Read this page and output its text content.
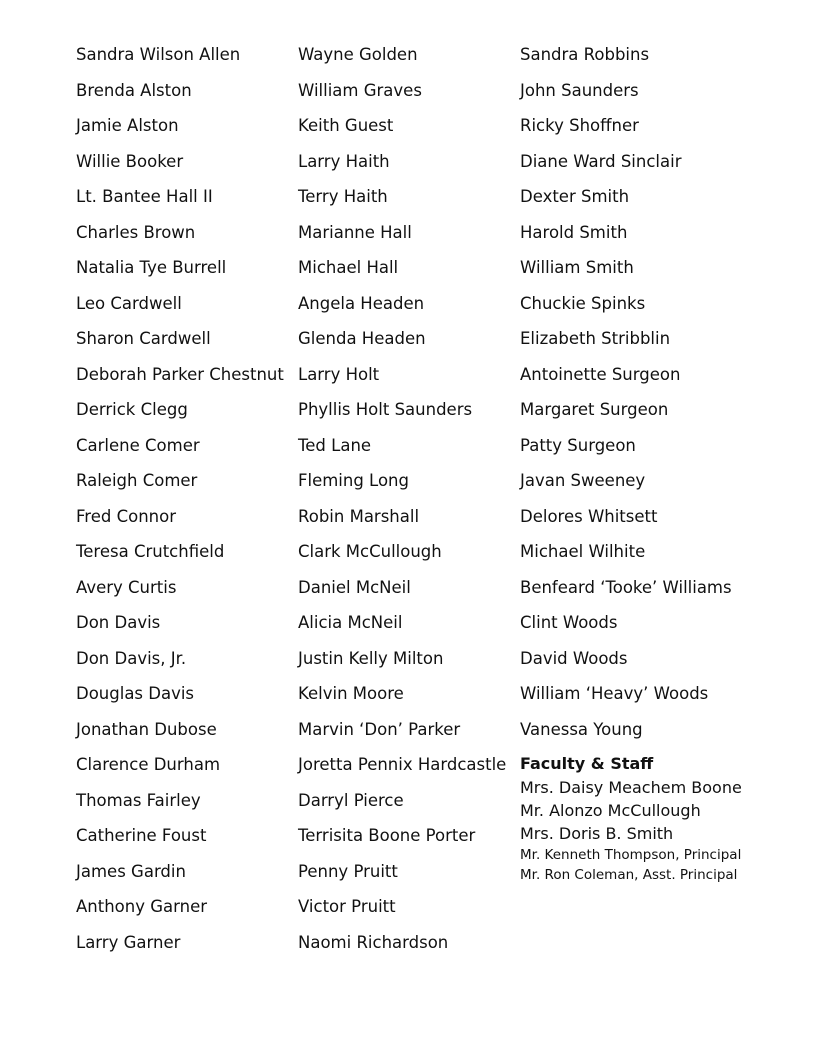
Sandra Wilson Allen
Brenda Alston
Jamie Alston
Willie Booker
Lt. Bantee Hall II
Charles Brown
Natalia Tye Burrell
Leo Cardwell
Sharon Cardwell
Deborah Parker Chestnut
Derrick Clegg
Carlene Comer
Raleigh Comer
Fred Connor
Teresa Crutchfield
Avery Curtis
Don Davis
Don Davis, Jr.
Douglas Davis
Jonathan Dubose
Clarence Durham
Thomas Fairley
Catherine Foust
James Gardin
Anthony Garner
Larry Garner
Wayne Golden
William Graves
Keith Guest
Larry Haith
Terry Haith
Marianne Hall
Michael Hall
Angela Headen
Glenda Headen
Larry Holt
Phyllis Holt Saunders
Ted Lane
Fleming Long
Robin Marshall
Clark McCullough
Daniel McNeil
Alicia McNeil
Justin Kelly Milton
Kelvin Moore
Marvin ‘Don’ Parker
Joretta Pennix Hardcastle
Darryl Pierce
Terrisita Boone Porter
Penny Pruitt
Victor Pruitt
Naomi Richardson
Sandra Robbins
John Saunders
Ricky Shoffner
Diane Ward Sinclair
Dexter Smith
Harold Smith
William Smith
Chuckie Spinks
Elizabeth Stribblin
Antoinette Surgeon
Margaret Surgeon
Patty Surgeon
Javan Sweeney
Delores Whitsett
Michael Wilhite
Benfeard ‘Tooke’ Williams
Clint Woods
David Woods
William ‘Heavy’ Woods
Vanessa Young
Faculty & Staff
Mrs. Daisy Meachem Boone
Mr. Alonzo McCullough
Mrs. Doris B. Smith
Mr. Kenneth Thompson, Principal
Mr. Ron Coleman, Asst. Principal
